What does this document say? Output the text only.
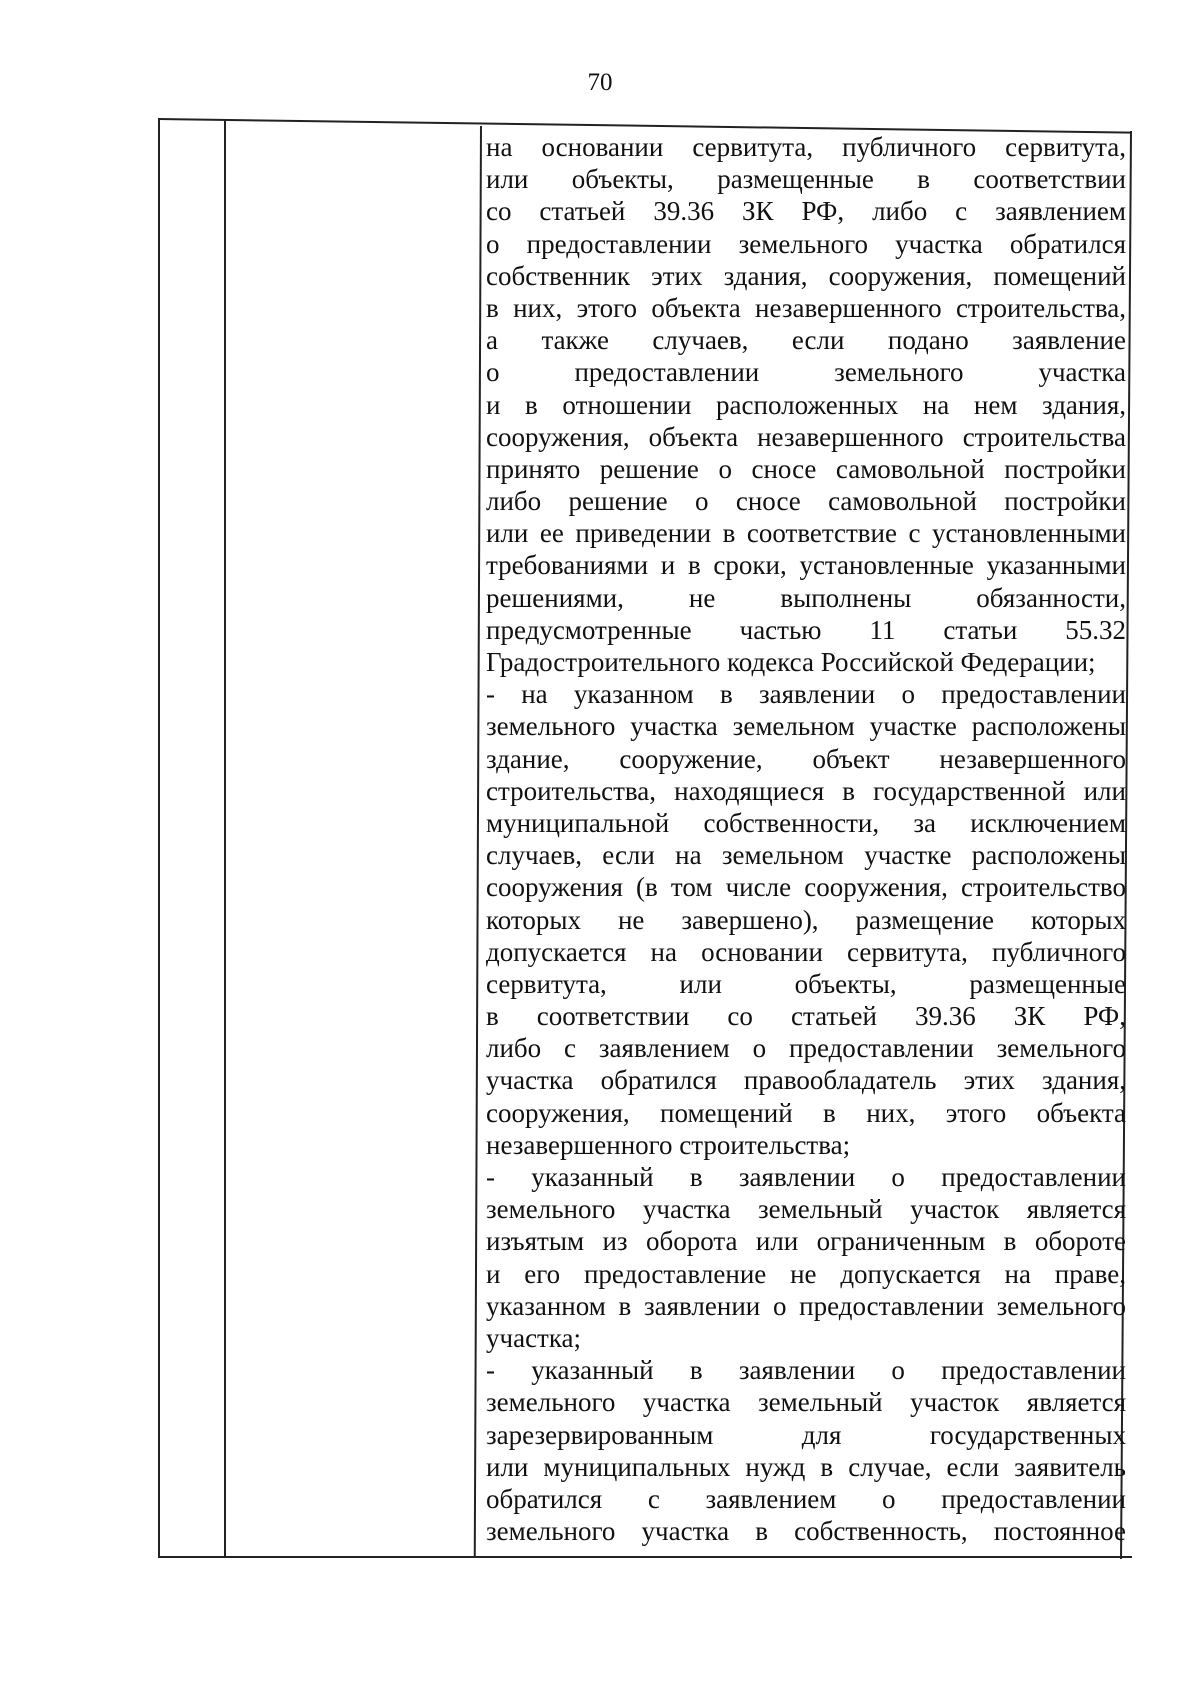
70
на основании сервитута, публичного сервитута,
или объекты, размещенные в соответствии
со статьей 39.36 ЗК РФ, либо с заявлением
о предоставлении земельного участка обратился
собственник этих здания, сооружения, помещений
в них, этого объекта незавершенного строительства,
а также случаев, если подано заявление
о предоставлении земельного участка
и в отношении расположенных на нем здания,
сооружения, объекта незавершенного строительства
принято решение о сносе самовольной постройки
либо решение о сносе самовольной постройки
или ее приведении в соответствие с установленными
требованиями и в сроки, установленные указанными
решениями, не выполнены обязанности,
предусмотренные частью 11 статьи 55.32
Градостроительного кодекса Российской Федерации;
- на указанном в заявлении о предоставлении
земельного участка земельном участке расположены
здание, сооружение, объект незавершенного
строительства, находящиеся в государственной или
муниципальной собственности, за исключением
случаев, если на земельном участке расположены
сооружения (в том числе сооружения, строительство
которых не завершено), размещение которых
допускается на основании сервитута, публичного
сервитута, или объекты, размещенные
в соответствии со статьей 39.36 ЗК РФ,
либо с заявлением о предоставлении земельного
участка обратился правообладатель этих здания,
сооружения, помещений в них, этого объекта
незавершенного строительства;
- указанный в заявлении о предоставлении
земельного участка земельный участок является
изъятым из оборота или ограниченным в обороте
и его предоставление не допускается на праве,
указанном в заявлении о предоставлении земельного
участка;
- указанный в заявлении о предоставлении
земельного участка земельный участок является
зарезервированным для государственных
или муниципальных нужд в случае, если заявитель
обратился с заявлением о предоставлении
земельного участка в собственность, постоянное
